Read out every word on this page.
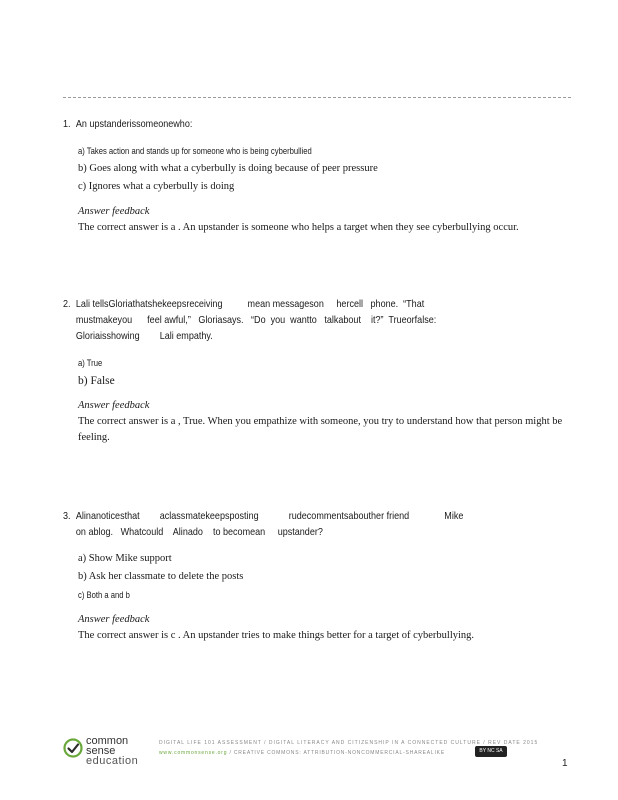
1. An upstanderissomeonewho:
a) Takes action and stands up for someone who is being cyberbullied
b) Goes along with what a cyberbully is doing because of peer pressure
c) Ignores what a cyberbully is doing
Answer feedback
The correct answer is a . An upstander is someone who helps a target when they see cyberbullying occur.
2. Lali tellsGloriathatshekeepsreceiving          mean messageson     hercell   phone.  “That
mustmakeyou      feel awful,”   Gloriasays.   “Do  you  wantto   talkabout    it?”  Trueorfalse:
Gloriaisshowing        Lali empathy.
a) True
b) False
Answer feedback
The correct answer is a , True. When you empathize with someone, you try to understand how that person might be feeling.
3. Alinanoticesthat        aclassmatekeepsposting            rudecommentsabouther friend              Mike
on ablog.   Whatcould    Alinado    to becomean     upstander?
a) Show Mike support
b) Ask her classmate to delete the posts
c) Both a and b
Answer feedback
The correct answer is c . An upstander tries to make things better for a target of cyberbullying.
common
sense
education
DIGITAL LIFE 101 ASSESSMENT / DIGITAL LITERACY AND CITIZENSHIP IN A CONNECTED CULTURE / REV DATE 2015
www.commonsense.org / CREATIVE COMMONS: ATTRIBUTION-NONCOMMERCIAL-SHAREALIKE	BY NC SA
1
